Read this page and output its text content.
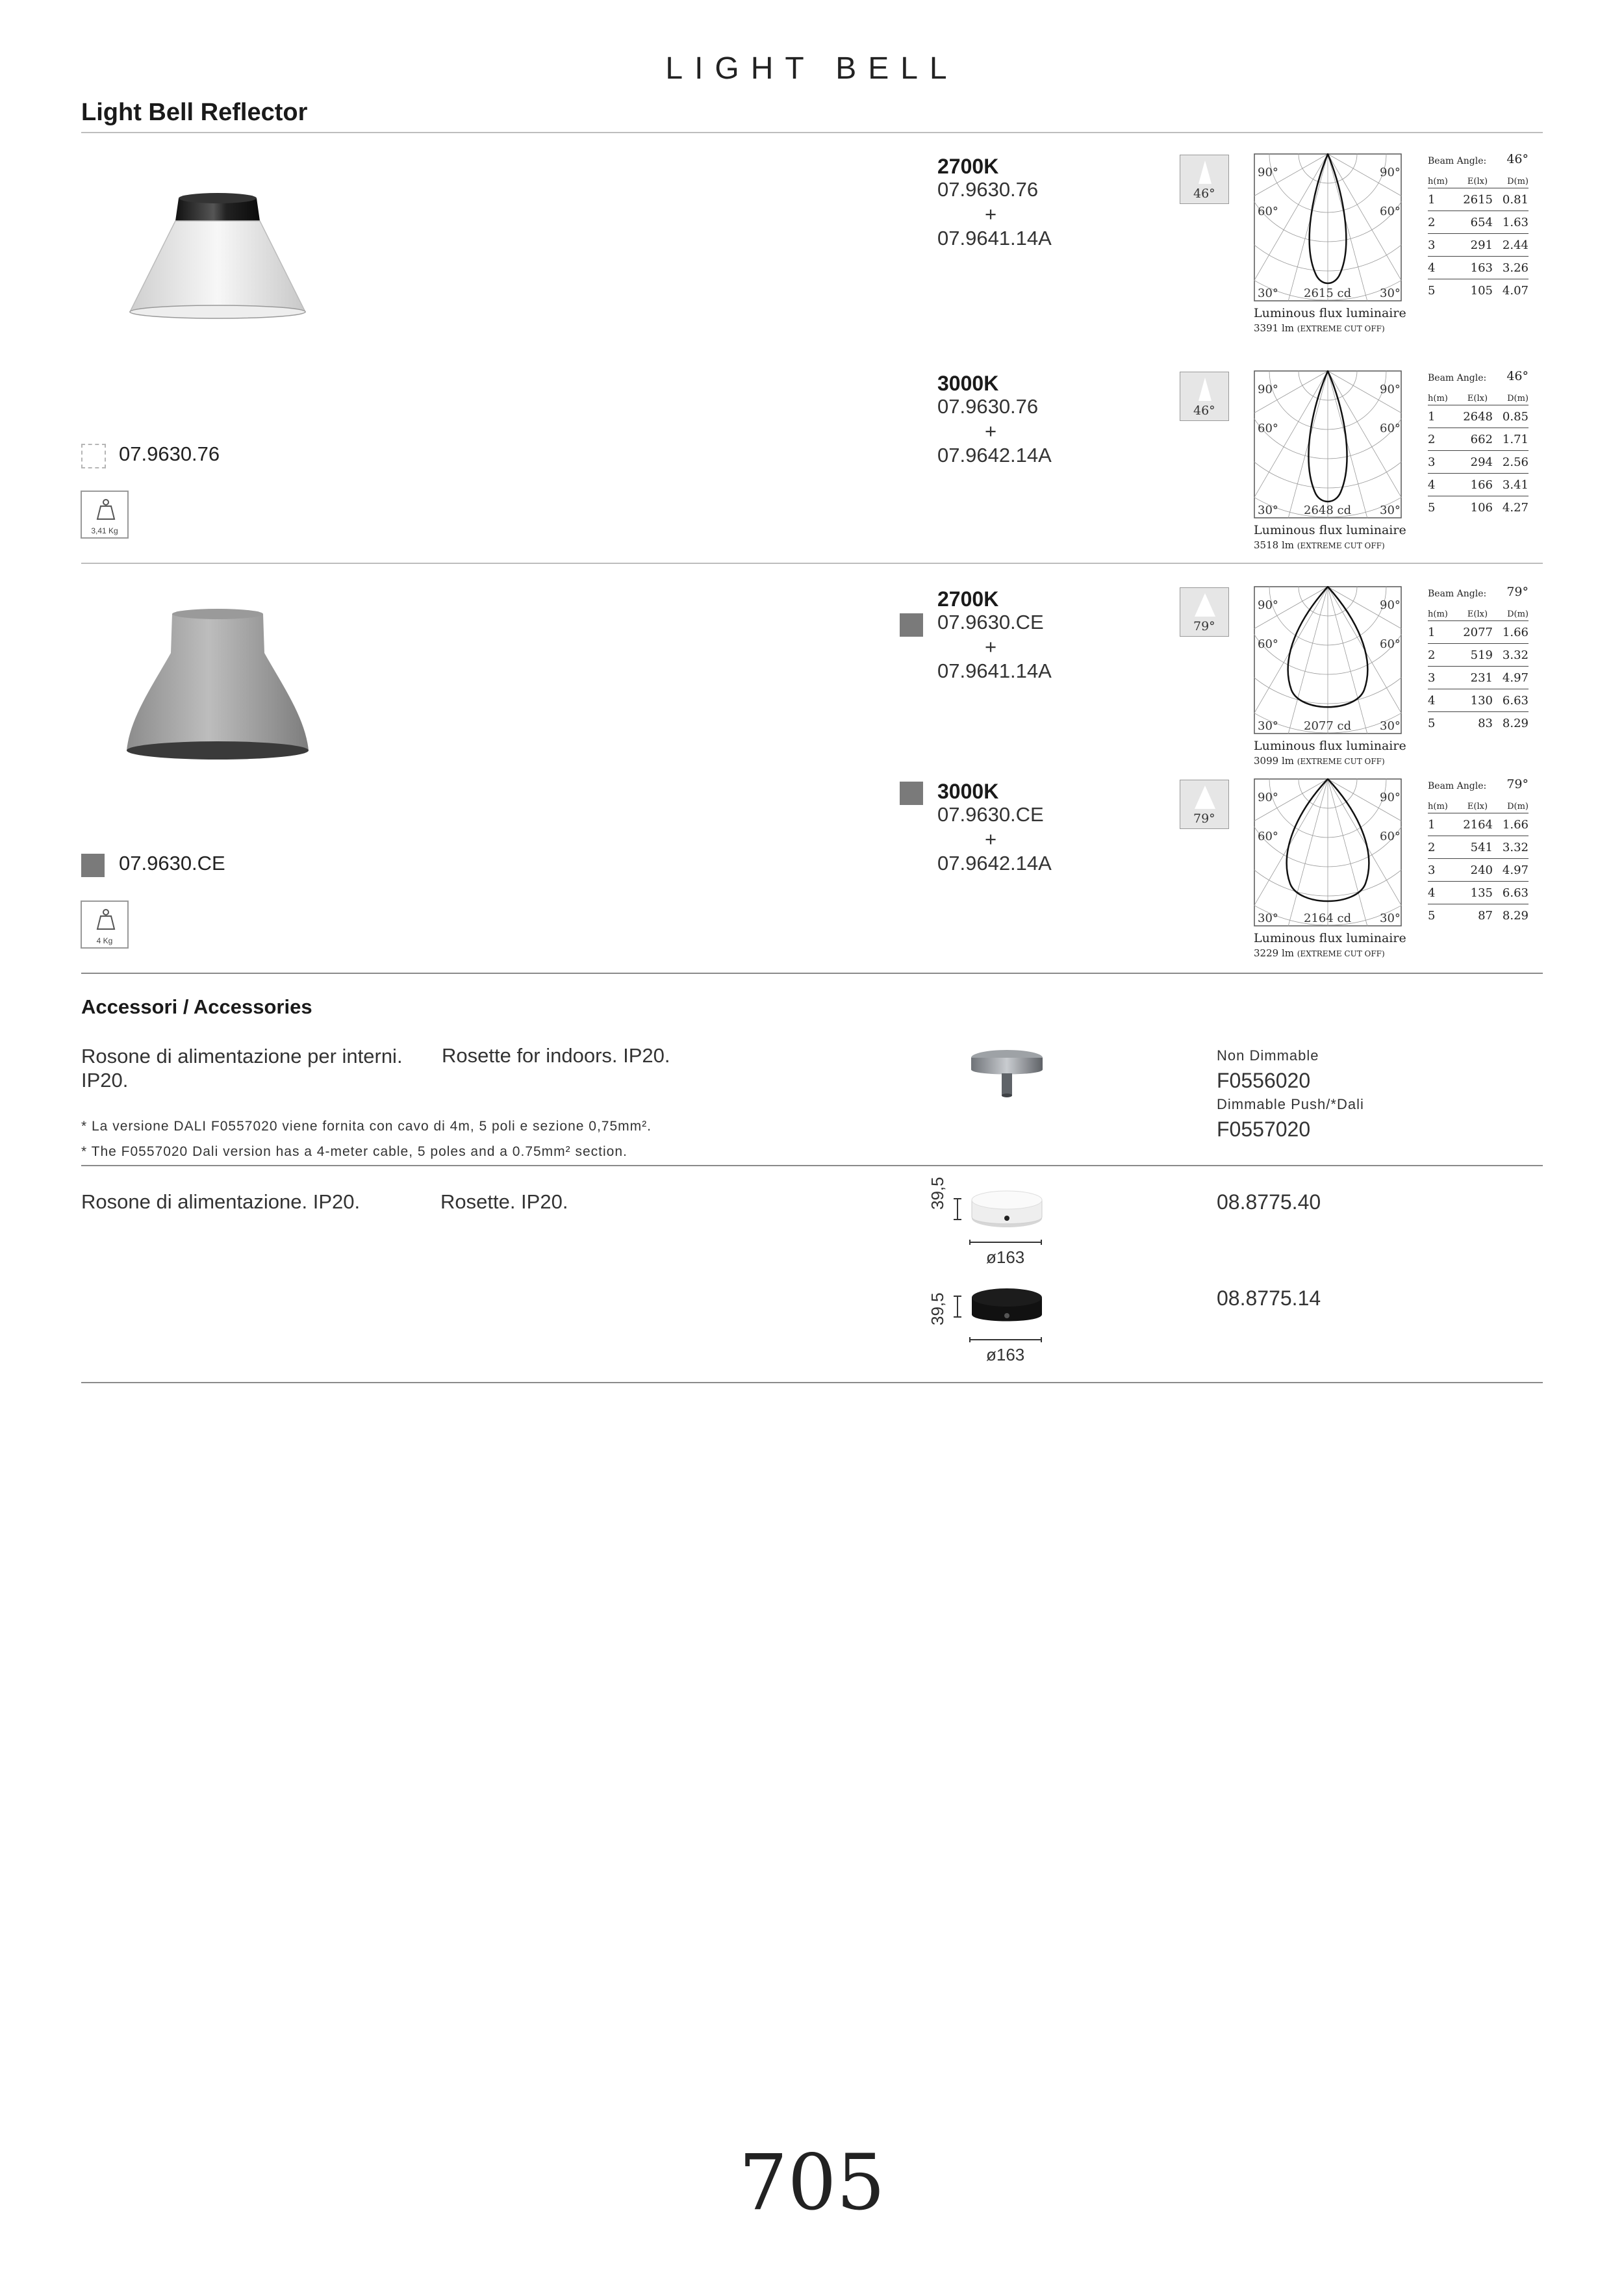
LIGHT BELL
Light Bell Reflector
07.9630.76
3,41 Kg
2700K
07.9630.76
+
07.9641.14A
46°
90°	90°
60°	60°
30°	30°
2615 cd
Luminous flux luminaire
3391 lm (EXTREME CUT OFF)
Beam Angle: 46°
h(m) E(lx) D(m)
1	2615 0.81
2	654 1.63
3	291 2.44
4	163 3.26
5	105 4.07
3000K
07.9630.76
+
07.9642.14A
46°
90°	90°
60°	60°
30°	30°
2648 cd
Luminous flux luminaire
3518 lm (EXTREME CUT OFF)
Beam Angle: 46°
h(m) E(lx) D(m)
1	2648 0.85
2	662 1.71
3	294 2.56
4	166 3.41
5	106 4.27
07.9630.CE
4 Kg
2700K
07.9630.CE
+
07.9641.14A
79°
90°	90°
60°	60°
30°	30°
2077 cd
Luminous flux luminaire
3099 lm (EXTREME CUT OFF)
Beam Angle: 79°
h(m) E(lx) D(m)
1	2077 1.66
2	519 3.32
3	231 4.97
4	130 6.63
5	83 8.29
3000K
07.9630.CE
+
07.9642.14A
79°
90°	90°
60°	60°
30°	30°
2164 cd
Luminous flux luminaire
3229 lm (EXTREME CUT OFF)
Beam Angle: 79°
h(m) E(lx) D(m)
1	2164 1.66
2	541 3.32
3	240 4.97
4	135 6.63
5	87 8.29
Accessori / Accessories
Rosone di alimentazione per interni. IP20.
Rosette for indoors. IP20.
* La versione DALI F0557020 viene fornita con cavo di 4m, 5 poli e sezione 0,75mm².
* The F0557020 Dali version has a 4-meter cable, 5 poles and a 0.75mm² section.
Non Dimmable
F0556020
Dimmable Push/*Dali
F0557020
Rosone di alimentazione. IP20.	Rosette. IP20.	39,5
ø163
08.8775.40
39,5
ø163
08.8775.14
705
